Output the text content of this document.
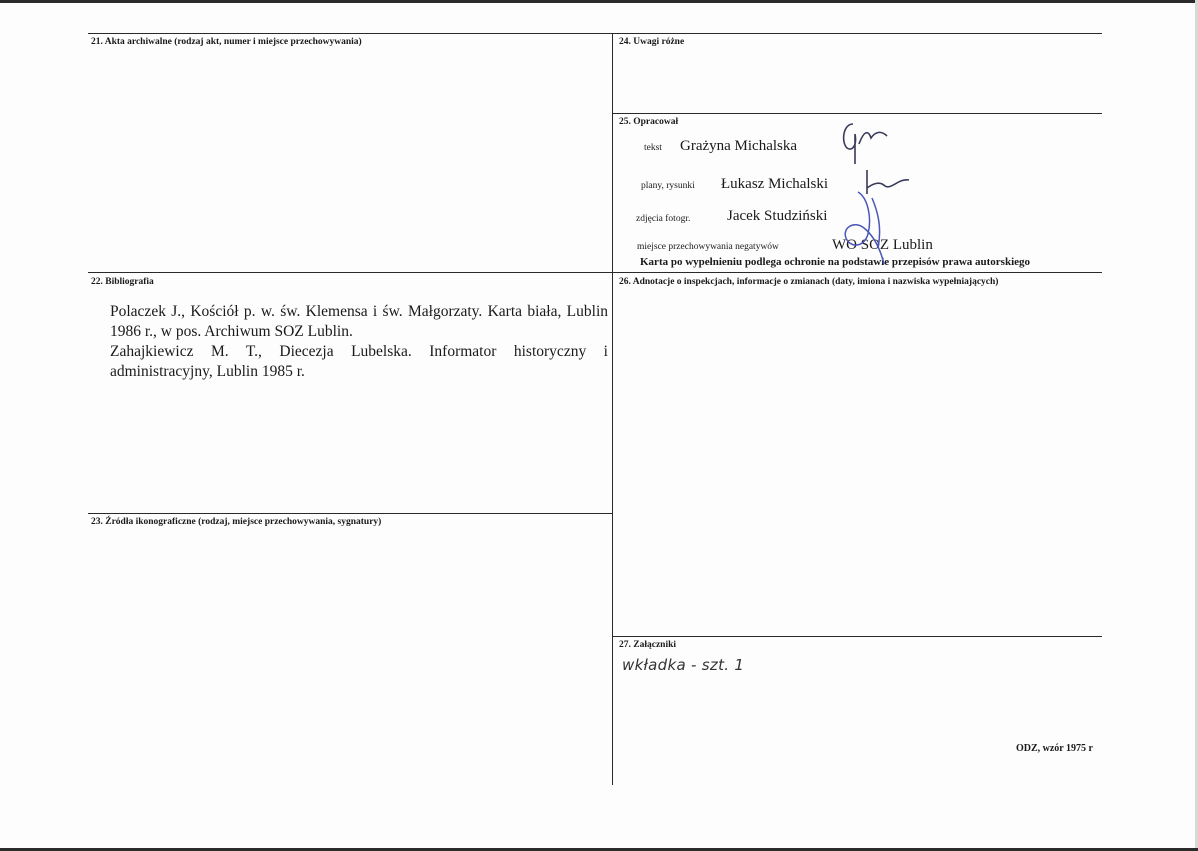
21. Akta archiwalne (rodzaj akt, numer i miejsce przechowywania)
22. Bibliografia
Polaczek J., Kościół p. w. św. Klemensa i św. Małgorzaty. Karta biała, Lublin 1986 r., w pos. Archiwum SOZ Lublin.
Zahajkiewicz M. T., Diecezja Lubelska. Informator historyczny i administracyjny, Lublin 1985 r.
23. Źródła ikonograficzne (rodzaj, miejsce przechowywania, sygnatury)
24. Uwagi różne
25. Opracował
tekst Grażyna Michalska
plany, rysunki Łukasz Michalski
zdjęcia fotogr. Jacek Studziński
miejsce przechowywania negatywów	WO SOZ Lublin
Karta po wypełnieniu podlega ochronie na podstawie przepisów prawa autorskiego
26. Adnotacje o inspekcjach, informacje o zmianach (daty, imiona i nazwiska wypełniających)
27. Załączniki
wkładka - szt. 1
ODZ, wzór 1975 r
